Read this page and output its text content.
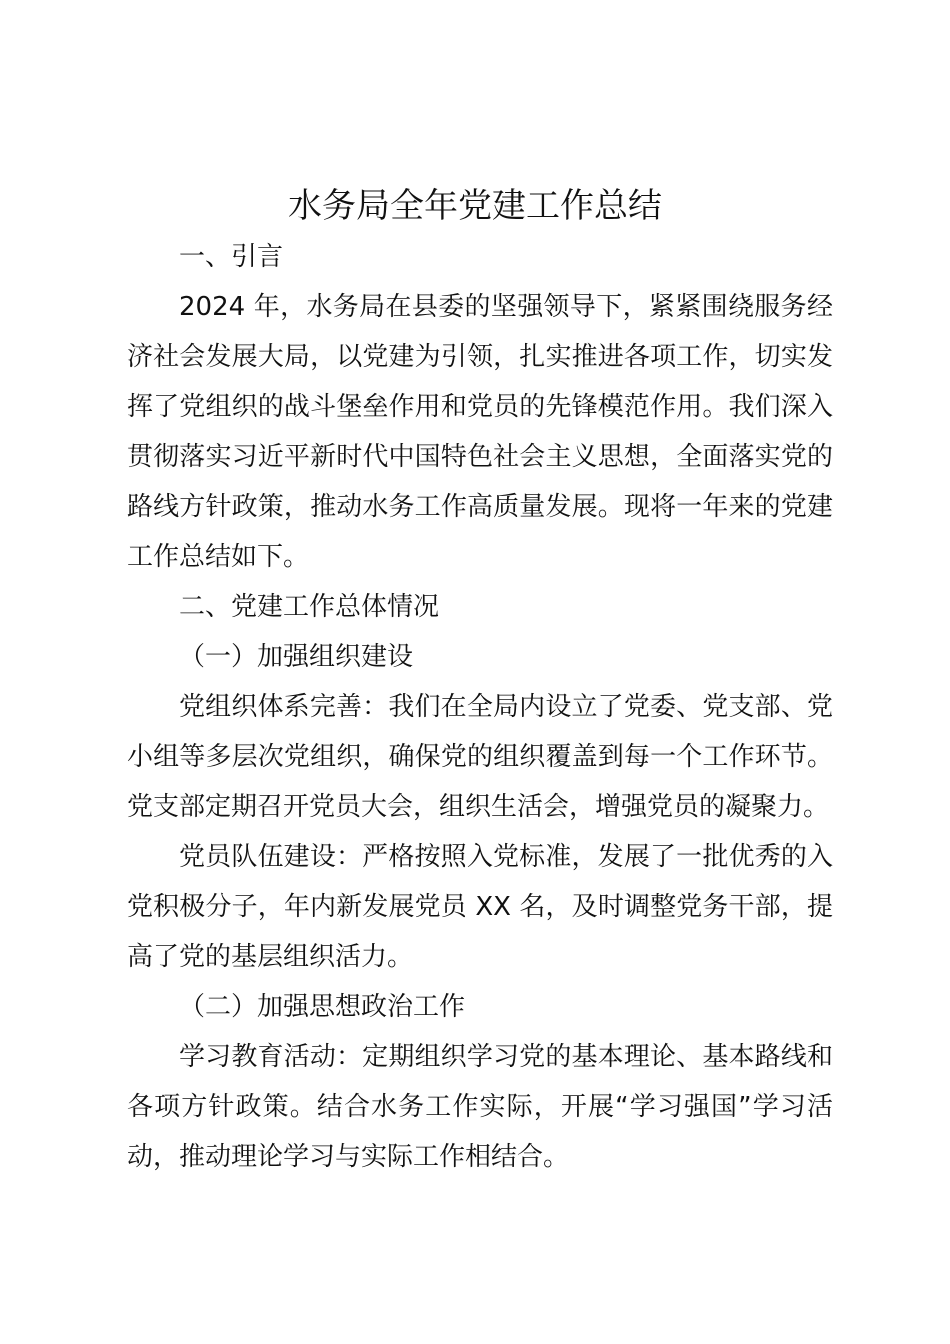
水务局全年党建工作总结
一、引言
2024 年，水务局在县委的坚强领导下，紧紧围绕服务经
济社会发展大局，以党建为引领，扎实推进各项工作，切实发
挥了党组织的战斗堡垒作用和党员的先锋模范作用。我们深入
贯彻落实习近平新时代中国特色社会主义思想，全面落实党的
路线方针政策，推动水务工作高质量发展。现将一年来的党建
工作总结如下。
二、党建工作总体情况
（一）加强组织建设
党组织体系完善：我们在全局内设立了党委、党支部、党
小组等多层次党组织，确保党的组织覆盖到每一个工作环节。
党支部定期召开党员大会，组织生活会，增强党员的凝聚力。
党员队伍建设：严格按照入党标准，发展了一批优秀的入
党积极分子，年内新发展党员 XX 名，及时调整党务干部，提
高了党的基层组织活力。
（二）加强思想政治工作
学习教育活动：定期组织学习党的基本理论、基本路线和
各项方针政策。结合水务工作实际，开展“学习强国”学习活
动，推动理论学习与实际工作相结合。
